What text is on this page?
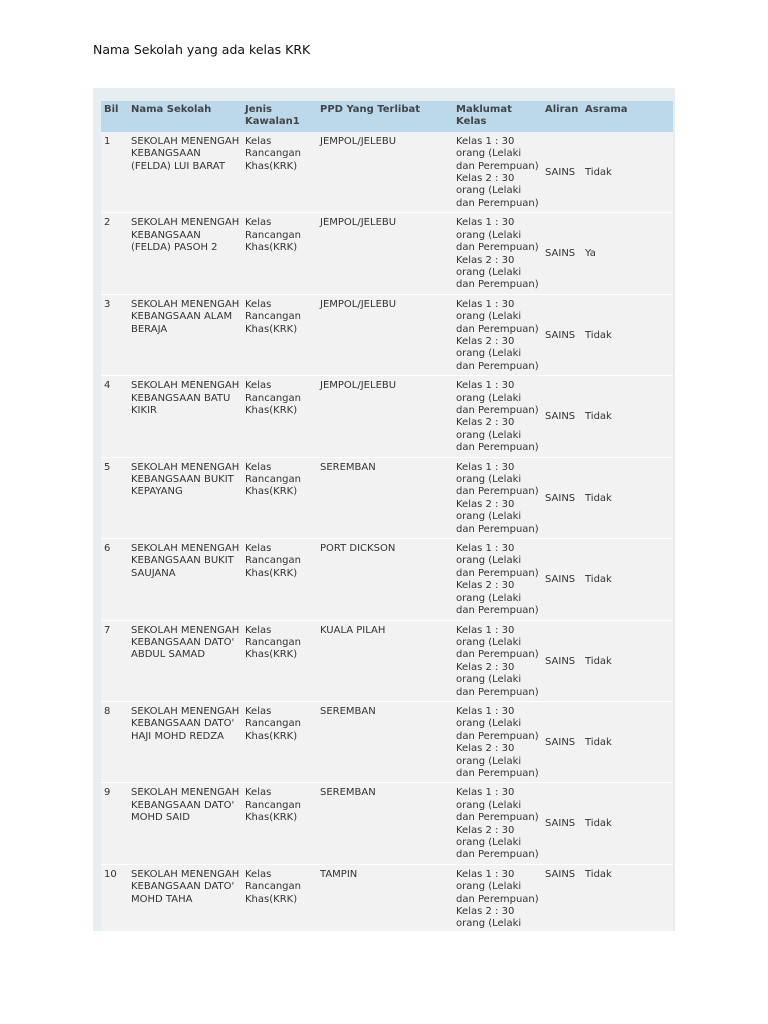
Nama Sekolah yang ada kelas KRK
Bil	Nama Sekolah	Jenis Kawalan1	PPD Yang Terlibat	Maklumat Kelas	Aliran	Asrama
1	SEKOLAH MENENGAH KEBANGSAAN (FELDA) LUI BARAT	Kelas Rancangan Khas(KRK)	JEMPOL/JELEBU	Kelas 1 : 30 orang (Lelaki dan Perempuan) Kelas 2 : 30 orang (Lelaki dan Perempuan)	SAINS	Tidak
2	SEKOLAH MENENGAH KEBANGSAAN (FELDA) PASOH 2	Kelas Rancangan Khas(KRK)	JEMPOL/JELEBU	Kelas 1 : 30 orang (Lelaki dan Perempuan) Kelas 2 : 30 orang (Lelaki dan Perempuan)	SAINS	Ya
3	SEKOLAH MENENGAH KEBANGSAAN ALAM BERAJA	Kelas Rancangan Khas(KRK)	JEMPOL/JELEBU	Kelas 1 : 30 orang (Lelaki dan Perempuan) Kelas 2 : 30 orang (Lelaki dan Perempuan)	SAINS	Tidak
4	SEKOLAH MENENGAH KEBANGSAAN BATU KIKIR	Kelas Rancangan Khas(KRK)	JEMPOL/JELEBU	Kelas 1 : 30 orang (Lelaki dan Perempuan) Kelas 2 : 30 orang (Lelaki dan Perempuan)	SAINS	Tidak
5	SEKOLAH MENENGAH KEBANGSAAN BUKIT KEPAYANG	Kelas Rancangan Khas(KRK)	SEREMBAN	Kelas 1 : 30 orang (Lelaki dan Perempuan) Kelas 2 : 30 orang (Lelaki dan Perempuan)	SAINS	Tidak
6	SEKOLAH MENENGAH KEBANGSAAN BUKIT SAUJANA	Kelas Rancangan Khas(KRK)	PORT DICKSON	Kelas 1 : 30 orang (Lelaki dan Perempuan) Kelas 2 : 30 orang (Lelaki dan Perempuan)	SAINS	Tidak
7	SEKOLAH MENENGAH KEBANGSAAN DATO' ABDUL SAMAD	Kelas Rancangan Khas(KRK)	KUALA PILAH	Kelas 1 : 30 orang (Lelaki dan Perempuan) Kelas 2 : 30 orang (Lelaki dan Perempuan)	SAINS	Tidak
8	SEKOLAH MENENGAH KEBANGSAAN DATO' HAJI MOHD REDZA	Kelas Rancangan Khas(KRK)	SEREMBAN	Kelas 1 : 30 orang (Lelaki dan Perempuan) Kelas 2 : 30 orang (Lelaki dan Perempuan)	SAINS	Tidak
9	SEKOLAH MENENGAH KEBANGSAAN DATO' MOHD SAID	Kelas Rancangan Khas(KRK)	SEREMBAN	Kelas 1 : 30 orang (Lelaki dan Perempuan) Kelas 2 : 30 orang (Lelaki dan Perempuan)	SAINS	Tidak
10	SEKOLAH MENENGAH KEBANGSAAN DATO' MOHD TAHA	Kelas Rancangan Khas(KRK)	TAMPIN	Kelas 1 : 30 orang (Lelaki dan Perempuan) Kelas 2 : 30 orang (Lelaki	SAINS	Tidak
